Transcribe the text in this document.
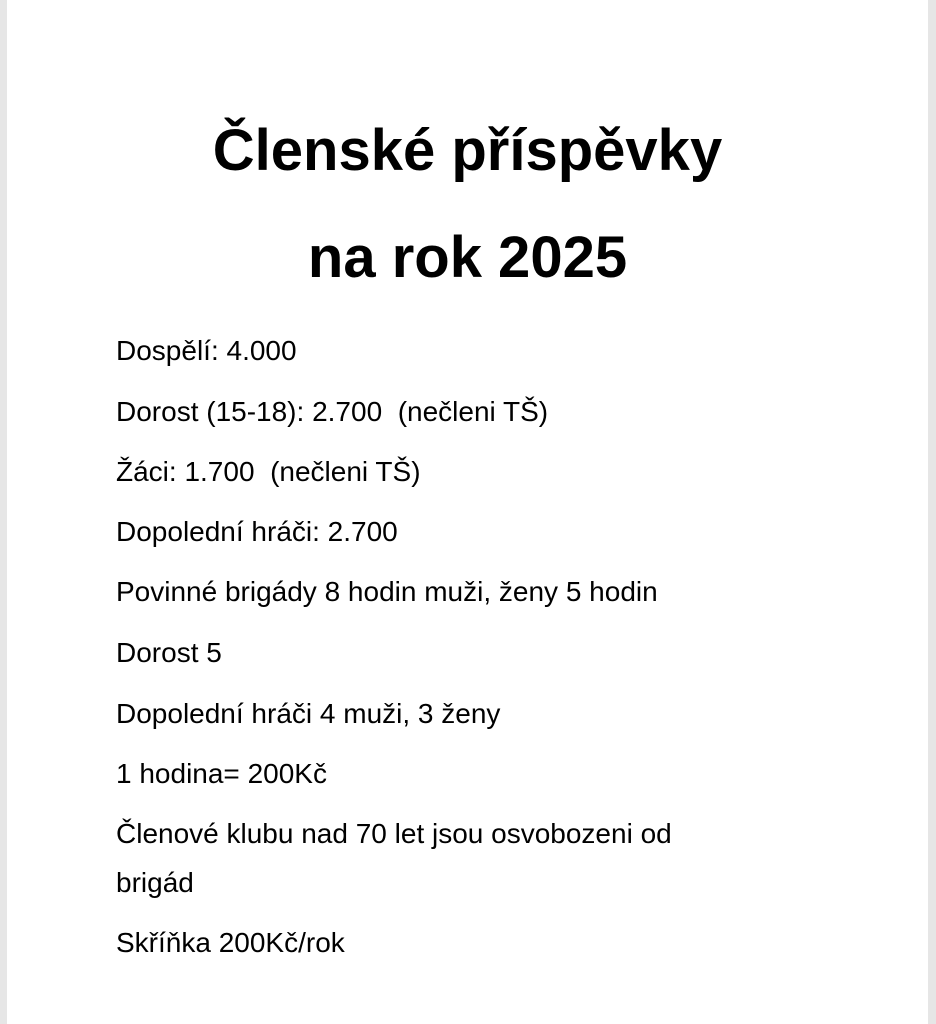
Členské příspěvky
na rok 2025
Dospělí: 4.000
Dorost (15-18): 2.700  (nečleni TŠ)
Žáci: 1.700  (nečleni TŠ)
Dopolední hráči: 2.700
Povinné brigády 8 hodin muži, ženy 5 hodin
Dorost 5
Dopolední hráči 4 muži, 3 ženy
1 hodina= 200Kč
Členové klubu nad 70 let jsou osvobozeni od
brigád
Skříňka 200Kč/rok
